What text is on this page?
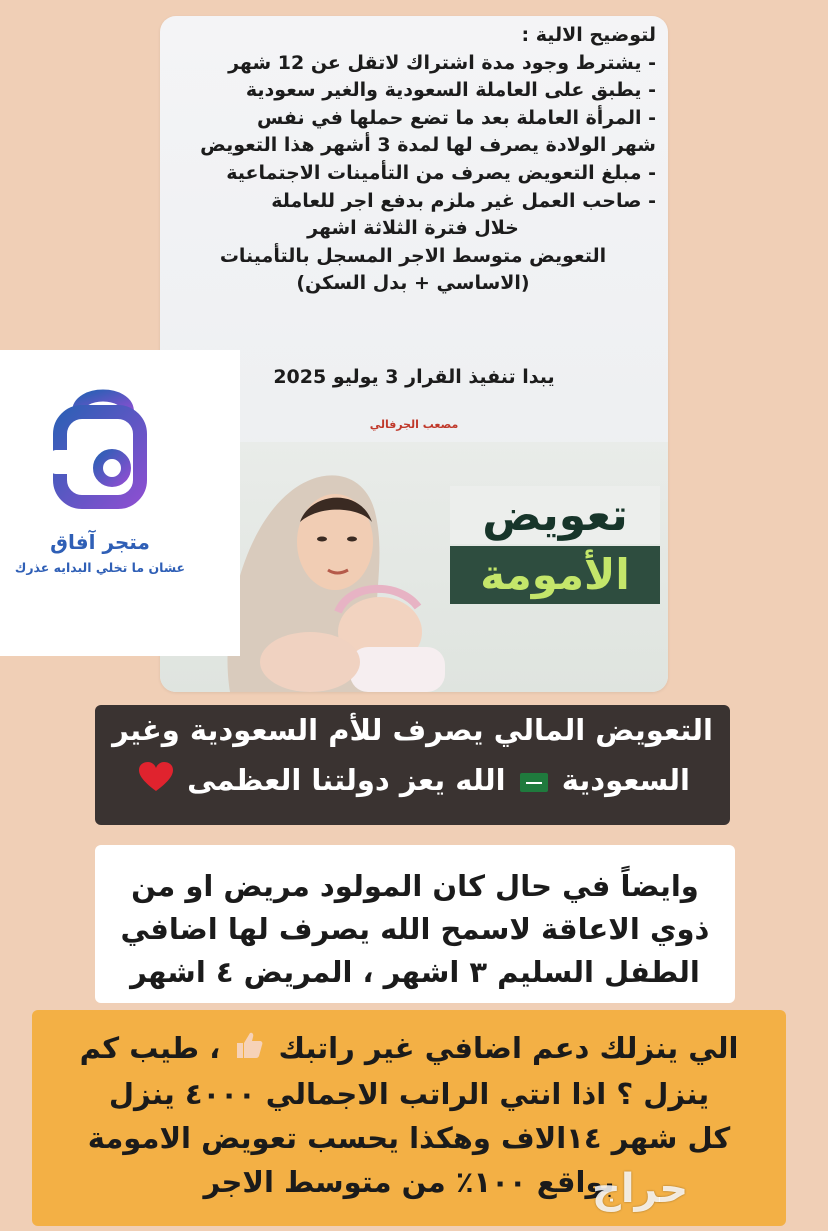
لتوضيح الالية :
- يشترط وجود مدة اشتراك لاتقل عن 12 شهر
- يطبق على العاملة السعودية والغير سعودية
- المرأة العاملة بعد ما تضع حملها في نفس
شهر الولادة يصرف لها لمدة 3 أشهر هذا التعويض
- مبلغ التعويض يصرف من التأمينات الاجتماعية
- صاحب العمل غير ملزم بدفع اجر للعاملة
خلال فترة الثلاثة اشهر
التعويض متوسط الاجر المسجل بالتأمينات
(الاساسي + بدل السكن)
يبدا تنفيذ القرار 3 يوليو 2025
مصعب الجرفالي
تعويض
الأمومة
متجر آفاق
عشان ما تخلي البدايه عذرك
التعويض المالي يصرف للأم السعودية وغير
السعودية  الله يعز دولتنا العظمى
وايضاً في حال كان المولود مريض او من
ذوي الاعاقة لاسمح الله يصرف لها اضافي
الطفل السليم ٣ اشهر ، المريض ٤ اشهر
الي ينزلك دعم اضافي غير راتبك  ، طيب كم
ينزل ؟ اذا انتي الراتب الاجمالي ٤٠٠٠ ينزل
كل شهر ١٤الاف وهكذا يحسب تعويض الامومة
بواقع ١٠٠٪ من متوسط الاجر
حراج
